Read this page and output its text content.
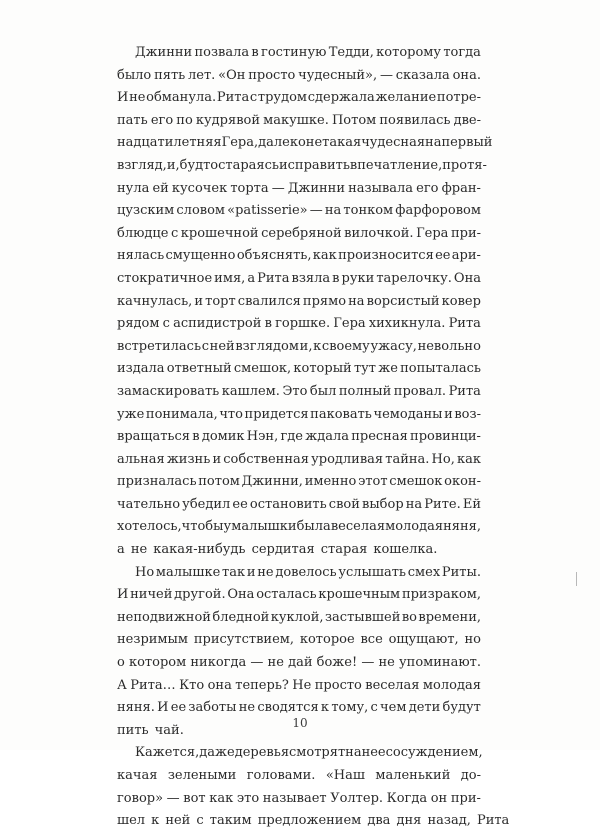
Джинни позвала в гостиную Тедди, которому тогда
было пять лет. «Он просто чудесный», — сказала она.
И не обманула. Рита с трудом сдержала желание потре-
пать его по кудрявой макушке. Потом появилась две-
надцатилетняя Гера, далеко не такая чудесная на первый
взгляд, и, будто стараясь исправить впечатление, протя-
нула ей кусочек торта — Джинни называла его фран-
цузским словом «patisserie» — на тонком фарфоровом
блюдце с крошечной серебряной вилочкой. Гера при-
нялась смущенно объяснять, как произносится ее ари-
стократичное имя, а Рита взяла в руки тарелочку. Она
качнулась, и торт свалился прямо на ворсистый ковер
рядом с аспидистрой в горшке. Гера хихикнула. Рита
встретилась с ней взглядом и, к своему ужасу, невольно
издала ответный смешок, который тут же попыталась
замаскировать кашлем. Это был полный провал. Рита
уже понимала, что придется паковать чемоданы и воз-
вращаться в домик Нэн, где ждала пресная провинци-
альная жизнь и собственная уродливая тайна. Но, как
призналась потом Джинни, именно этот смешок окон-
чательно убедил ее остановить свой выбор на Рите. Ей
хотелось, чтобы у малышки была веселая молодая няня,
а не какая-нибудь сердитая старая кошелка.
Но малышке так и не довелось услышать смех Риты.
И ничей другой. Она осталась крошечным призраком,
неподвижной бледной куклой, застывшей во времени,
незримым присутствием, которое все ощущают, но
о котором никогда — не дай боже! — не упоминают.
А Рита… Кто она теперь? Не просто веселая молодая
няня. И ее заботы не сводятся к тому, с чем дети будут
пить чай.
Кажется, даже деревья смотрят на нее с осуждением,
качая зелеными головами. «Наш маленький до-
говор» — вот как это называет Уолтер. Когда он при-
шел к ней с таким предложением два дня назад, Рита
10
